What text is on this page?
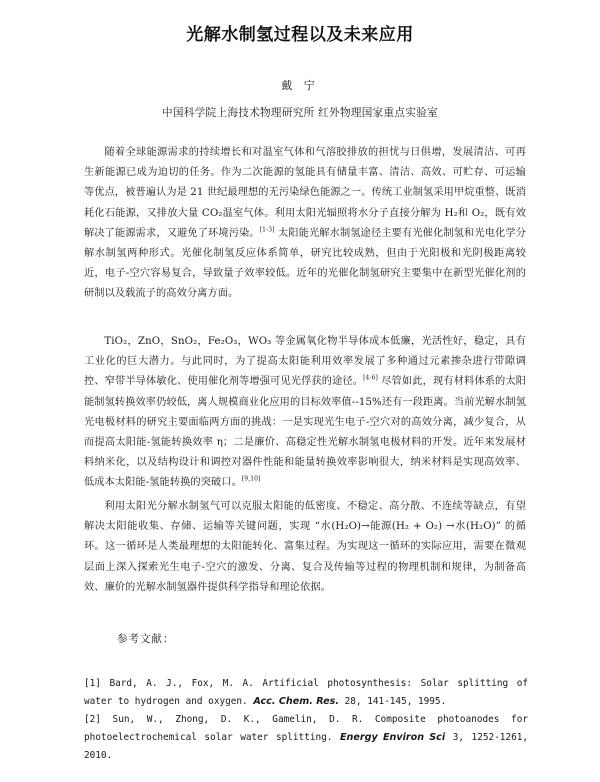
光解水制氢过程以及未来应用
戴 宁
中国科学院上海技术物理研究所 红外物理国家重点实验室

随着全球能源需求的持续增长和对温室气体和气溶胶排放的担忧与日俱增，发展清洁、可再生新能源已成为迫切的任务。作为二次能源的氢能具有储量丰富、清洁、高效、可贮存、可运输等优点，被普遍认为是 21 世纪最理想的无污染绿色能源之一。传统工业制氢采用甲烷重整、既消耗化石能源，又排放大量 CO₂温室气体。利用太阳光辐照将水分子直接分解为 H₂和 O₂，既有效解决了能源需求，又避免了环境污染。[1-3] 太阳能光解水制氢途径主要有光催化制氢和光电化学分解水制氢两种形式。光催化制氢反应体系简单，研究比较成熟，但由于光阳极和光阴极距离较近，电子-空穴容易复合，导致量子效率较低。近年的光催化制氢研究主要集中在新型光催化剂的研制以及载流子的高效分离方面。

TiO₂，ZnO，SnO₂，Fe₂O₃，WO₃ 等金属氧化物半导体成本低廉，光活性好，稳定，具有工业化的巨大潜力。与此同时，为了提高太阳能利用效率发展了多种通过元素掺杂进行带隙调控、窄带半导体敏化、使用催化剂等增强可见光俘获的途径。[4-6] 尽管如此，现有材料体系的太阳能制氢转换效率仍较低，离人规模商业化应用的目标效率值--15%还有一段距离。当前光解水制氢光电极材料的研究主要面临两方面的挑战：一是实现光生电子-空穴对的高效分离，减少复合，从而提高太阳能-氢能转换效率 η；二是廉价、高稳定性光解水制氢电极材料的开发。近年来发展材料纳米化，以及结构设计和调控对器件性能和能量转换效率影响很大，纳米材料是实现高效率、低成本太阳能-氢能转换的突破口。[9,10]

利用太阳光分解水制氢气可以克服太阳能的低密度、不稳定、高分散、不连续等缺点，有望解决太阳能收集、存储、运输等关键问题，实现 “水(H₂O)→能源(H₂ + O₂) →水(H₂O)” 的循环。这一循环是人类最理想的太阳能转化、富集过程。为实现这一循环的实际应用，需要在微观层面上深入探索光生电子-空穴的激发、分离、复合及传输等过程的物理机制和规律，为制备高效、廉价的光解水制氢器件提供科学指导和理论依据。

参考文献：

[1] Bard, A. J., Fox, M. A. Artificial photosynthesis: Solar splitting of water to hydrogen and oxygen. Acc. Chem. Res. 28, 141-145, 1995.

[2] Sun, W., Zhong, D. K., Gamelin, D. R. Composite photoanodes for photoelectrochemical solar water splitting. Energy Environ Sci 3, 1252-1261, 2010.
